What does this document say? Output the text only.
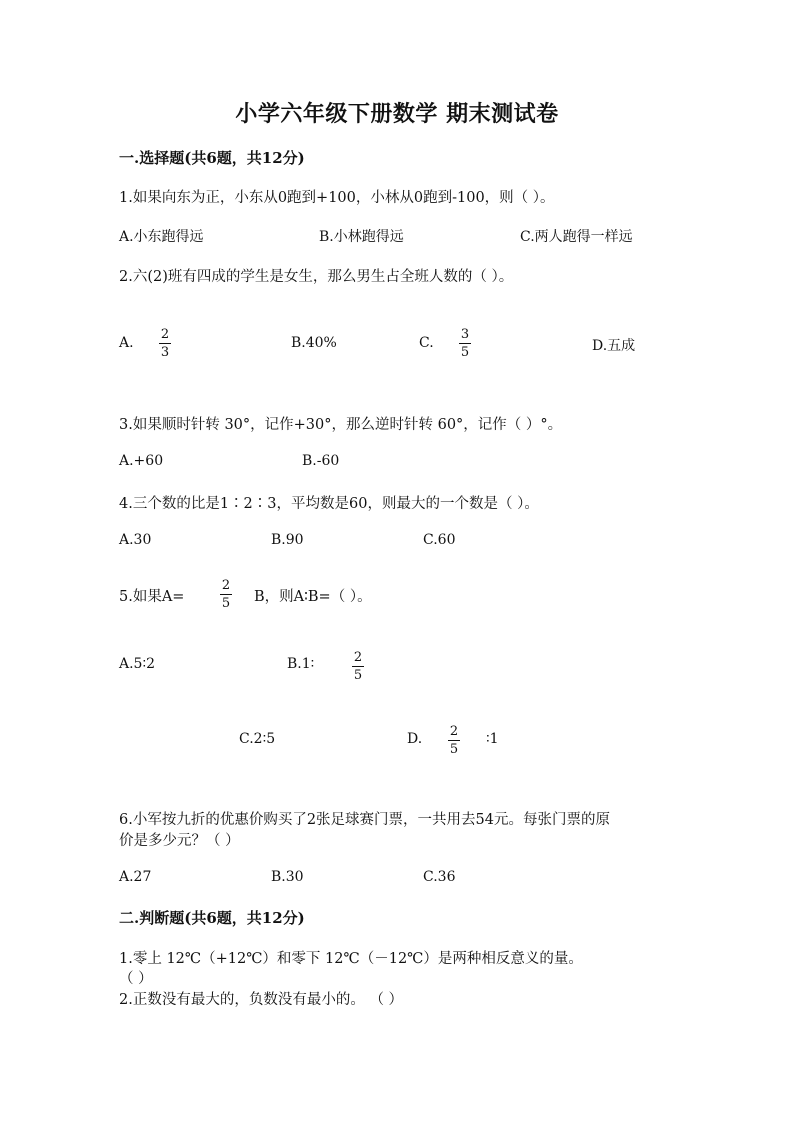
小学六年级下册数学 期末测试卷
一.选择题(共6题，共12分)
1.如果向东为正，小东从0跑到+100，小林从0跑到-100，则（ ）。
A.小东跑得远	B.小林跑得远	C.两人跑得一样远
2.六(2)班有四成的学生是女生，那么男生占全班人数的（ ）。
A.
2
3
B.40%	C.
3
5	D.五成
3.如果顺时针转 30°，记作+30°，那么逆时针转 60°，记作（ ）°。
A.+60	B.-60
4.三个数的比是1∶2∶3，平均数是60，则最大的一个数是（ ）。
A.30	B.90	C.60
5.如果A=
2
5 B，则A∶B=（ ）。
A.5∶2	B.1∶	2
5
C.2∶5	D. 2
5
∶1
6.小军按九折的优惠价购买了2张足球赛门票，一共用去54元。每张门票的原
价是多少元？（ ）
A.27	B.30	C.36
二.判断题(共6题，共12分)
1.零上 12℃（+12℃）和零下 12℃（－12℃）是两种相反意义的量。
（ ）
2.正数没有最大的，负数没有最小的。 （ ）
